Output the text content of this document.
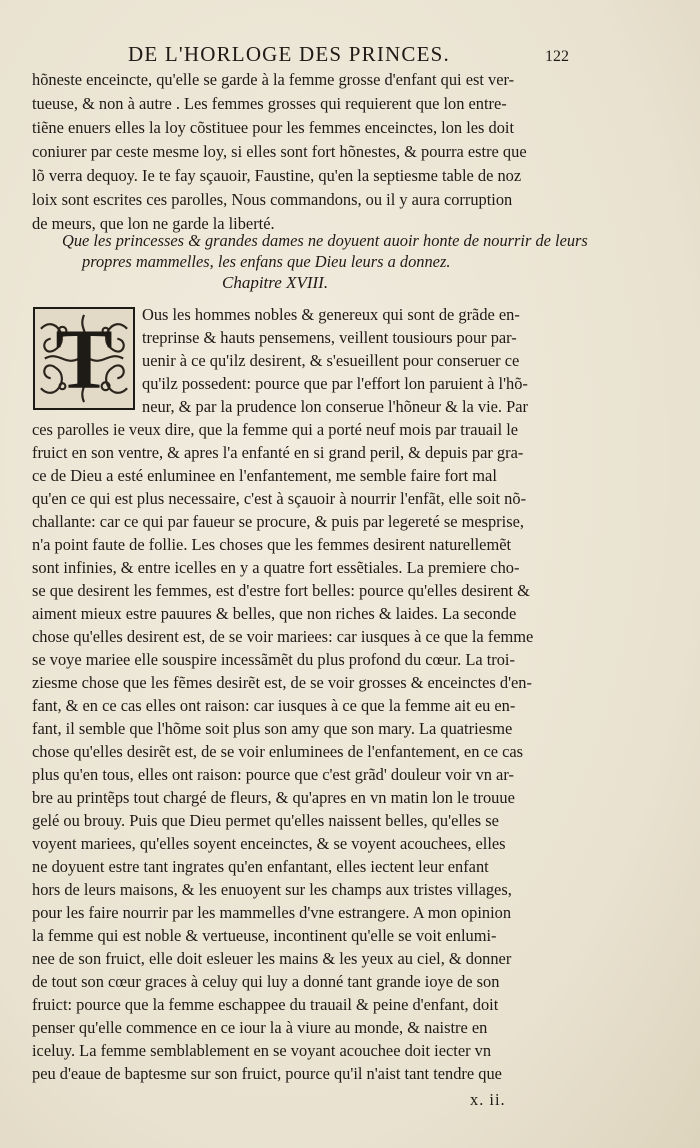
DE L'HORLOGE DES PRINCES.	122
hõneste enceincte, qu'elle se garde à la femme grosse d'enfant qui est ver-
tueuse, & non à autre . Les femmes grosses qui requierent que lon entre-
tiẽne enuers elles la loy cõstituee pour les femmes enceinctes, lon les doit
coniurer par ceste mesme loy, si elles sont fort hõnestes, & pourra estre que
lõ verra dequoy. Ie te fay sçauoir, Faustine, qu'en la septiesme table de noz
loix sont escrites ces parolles, Nous commandons, ou il y aura corruption
de meurs, que lon ne garde la liberté.
Que les princesses & grandes dames ne doyuent auoir honte de nourrir de leurs
propres mammelles, les enfans que Dieu leurs a donnez.
Chapitre XVIII.
T	Ous les hommes nobles & genereux qui sont de grãde en-
treprinse & hauts pensemens, veillent tousiours pour par-
uenir à ce qu'ilz desirent, & s'esueillent pour conseruer ce
qu'ilz possedent: pource que par l'effort lon paruient à l'hõ-
neur, & par la prudence lon conserue l'hõneur & la vie. Par
ces parolles ie veux dire, que la femme qui a porté neuf mois par trauail le
fruict en son ventre, & apres l'a enfanté en si grand peril, & depuis par gra-
ce de Dieu a esté enluminee en l'enfantement, me semble faire fort mal
qu'en ce qui est plus necessaire, c'est à sçauoir à nourrir l'enfãt, elle soit nõ-
challante: car ce qui par faueur se procure, & puis par legereté se mesprise,
n'a point faute de follie. Les choses que les femmes desirent naturellemẽt
sont infinies, & entre icelles en y a quatre fort essẽtiales. La premiere cho-
se que desirent les femmes, est d'estre fort belles: pource qu'elles desirent &
aiment mieux estre pauures & belles, que non riches & laides. La seconde
chose qu'elles desirent est, de se voir mariees: car iusques à ce que la femme
se voye mariee elle souspire incessãmẽt du plus profond du cœur. La troi-
ziesme chose que les fẽmes desirẽt est, de se voir grosses & enceinctes d'en-
fant, & en ce cas elles ont raison: car iusques à ce que la femme ait eu en-
fant, il semble que l'hõme soit plus son amy que son mary. La quatriesme
chose qu'elles desirẽt est, de se voir enluminees de l'enfantement, en ce cas
plus qu'en tous, elles ont raison: pource que c'est grãd' douleur voir vn ar-
bre au printẽps tout chargé de fleurs, & qu'apres en vn matin lon le trouue
gelé ou brouy. Puis que Dieu permet qu'elles naissent belles, qu'elles se
voyent mariees, qu'elles soyent enceinctes, & se voyent acouchees, elles
ne doyuent estre tant ingrates qu'en enfantant, elles iectent leur enfant
hors de leurs maisons, & les enuoyent sur les champs aux tristes villages,
pour les faire nourrir par les mammelles d'vne estrangere. A mon opinion
la femme qui est noble & vertueuse, incontinent qu'elle se voit enlumi-
nee de son fruict, elle doit esleuer les mains & les yeux au ciel, & donner
de tout son cœur graces à celuy qui luy a donné tant grande ioye de son
fruict: pource que la femme eschappee du trauail & peine d'enfant, doit
penser qu'elle commence en ce iour la à viure au monde, & naistre en
iceluy. La femme semblablement en se voyant acouchee doit iecter vn
peu d'eaue de baptesme sur son fruict, pource qu'il n'aist tant tendre que
x. ii.
